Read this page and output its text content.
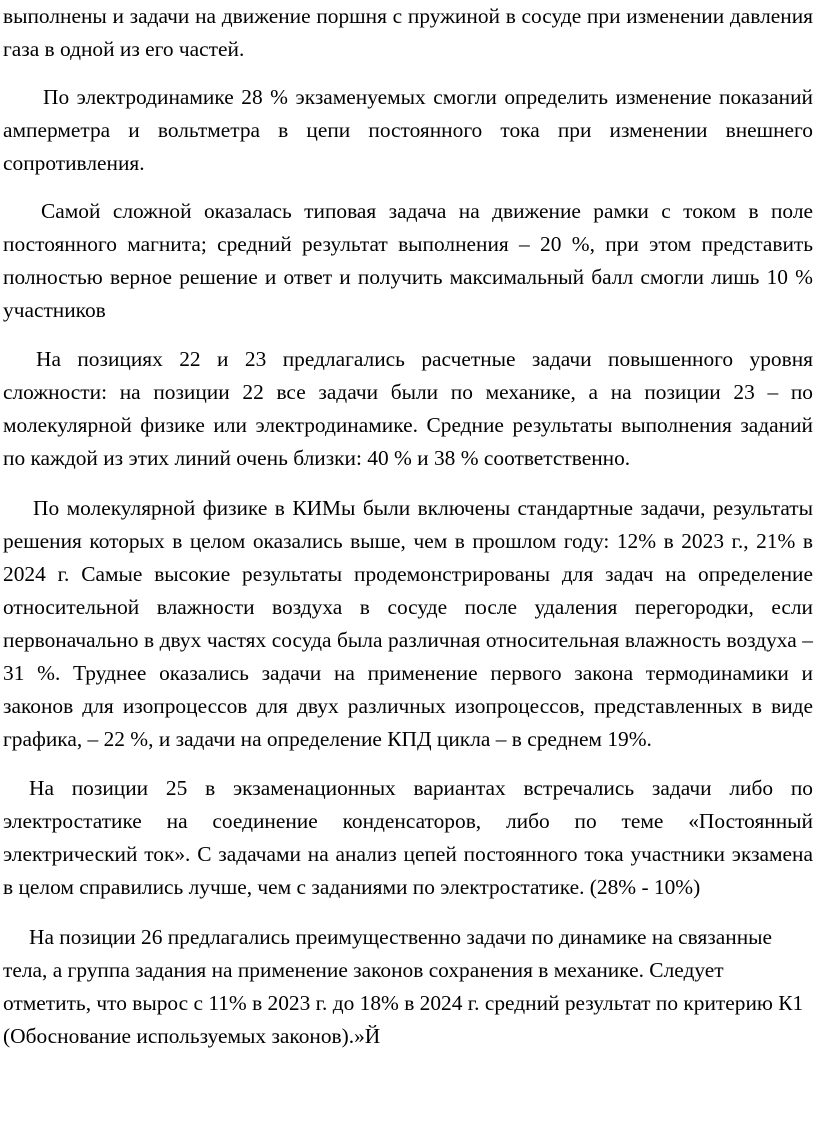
выполнены и задачи на движение поршня с пружиной в сосуде при изменении давления газа в одной из его частей.

По электродинамике 28 % экзаменуемых смогли определить изменение показаний амперметра и вольтметра в цепи постоянного тока при изменении внешнего сопротивления.

Самой сложной оказалась типовая задача на движение рамки с током в поле постоянного магнита; средний результат выполнения – 20 %, при этом представить полностью верное решение и ответ и получить максимальный балл смогли лишь 10 % участников

На позициях 22 и 23 предлагались расчетные задачи повышенного уровня сложности: на позиции 22 все задачи были по механике, а на позиции 23 – по молекулярной физике или электродинамике. Средние результаты выполнения заданий по каждой из этих линий очень близки: 40 % и 38 % соответственно.

По молекулярной физике в КИМы были включены стандартные задачи, результаты решения которых в целом оказались выше, чем в прошлом году: 12% в 2023 г., 21% в 2024 г. Самые высокие результаты продемонстрированы для задач на определение относительной влажности воздуха в сосуде после удаления перегородки, если первоначально в двух частях сосуда была различная относительная влажность воздуха – 31 %. Труднее оказались задачи на применение первого закона термодинамики и законов для изопроцессов для двух различных изопроцессов, представленных в виде графика, – 22 %, и задачи на определение КПД цикла – в среднем 19%.

На позиции 25 в экзаменационных вариантах встречались задачи либо по электростатике на соединение конденсаторов, либо по теме «Постоянный электрический ток». С задачами на анализ цепей постоянного тока участники экзамена в целом справились лучше, чем с заданиями по электростатике. (28% - 10%)

На позиции 26 предлагались преимущественно задачи по динамике на связанные тела, а группа задания на применение законов сохранения в механике. Следует отметить, что вырос с 11% в 2023 г. до 18% в 2024 г. средний результат по критерию К1 (Обоснование используемых законов).»Й
